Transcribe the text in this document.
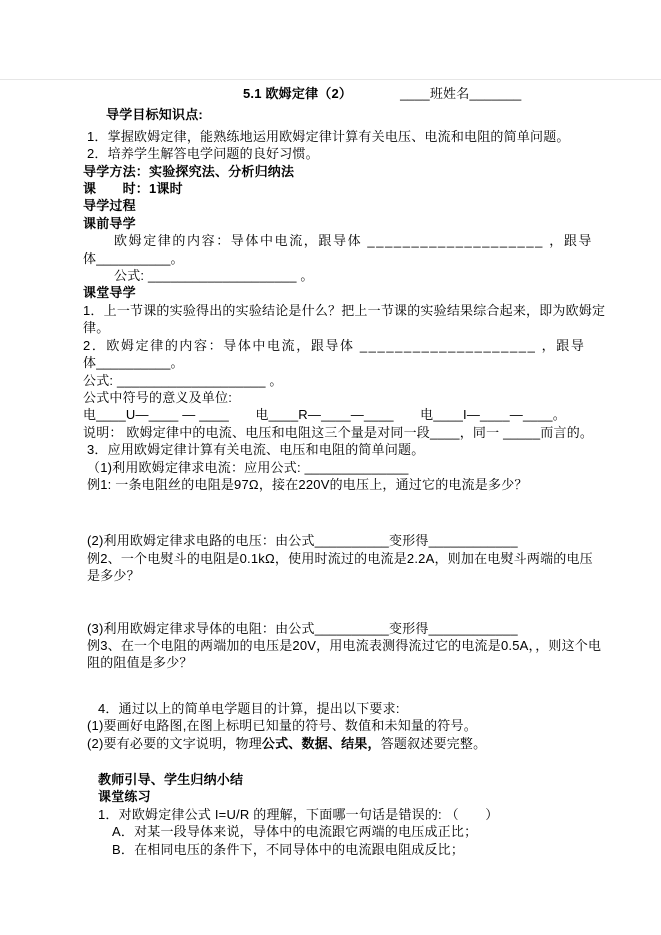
5.1 欧姆定律（2）	____班姓名_______
导学目标知识点:
1．掌握欧姆定律，能熟练地运用欧姆定律计算有关电压、电流和电阻的简单问题。
2．培养学生解答电学问题的良好习惯。
导学方法：实验探究法、分析归纳法
课　　时：1课时
导学过程
课前导学
欧姆定律的内容：导体中电流，跟导体 ____________________ ，跟导
体__________。
公式: ____________________ 。
课堂导学
1．上一节课的实验得出的实验结论是什么？把上一节课的实验结果综合起来，即为欧姆定
律。
2．欧姆定律的内容：导体中电流，跟导体 ____________________ ，跟导
体__________。
公式: ____________________ 。
公式中符号的意义及单位:
电____U—____ — ____　　电____R—____—____　　电____I—____—____。
说明： 欧姆定律中的电流、电压和电阻这三个量是对同一段____，同一 _____而言的。
3．应用欧姆定律计算有关电流、电压和电阻的简单问题。
（1)利用欧姆定律求电流：应用公式: ______________
例1: 一条电阻丝的电阻是97Ω，接在220V的电压上，通过它的电流是多少？
(2)利用欧姆定律求电路的电压：由公式__________变形得____________
例2、一个电熨斗的电阻是0.1kΩ，使用时流过的电流是2.2A，则加在电熨斗两端的电压
是多少？
(3)利用欧姆定律求导体的电阻：由公式__________变形得____________
例3、在一个电阻的两端加的电压是20V，用电流表测得流过它的电流是0.5A，，则这个电
阻的阻值是多少？
4．通过以上的简单电学题目的计算，提出以下要求:
(1)要画好电路图,在图上标明已知量的符号、数值和未知量的符号。
(2)要有必要的文字说明，物理公式、数据、结果，答题叙述要完整。
教师引导、学生归纳小结
课堂练习
1．对欧姆定律公式 I=U/R 的理解，下面哪一句话是错误的: （　　）
A．对某一段导体来说，导体中的电流跟它两端的电压成正比；
B．在相同电压的条件下，不同导体中的电流跟电阻成反比；
